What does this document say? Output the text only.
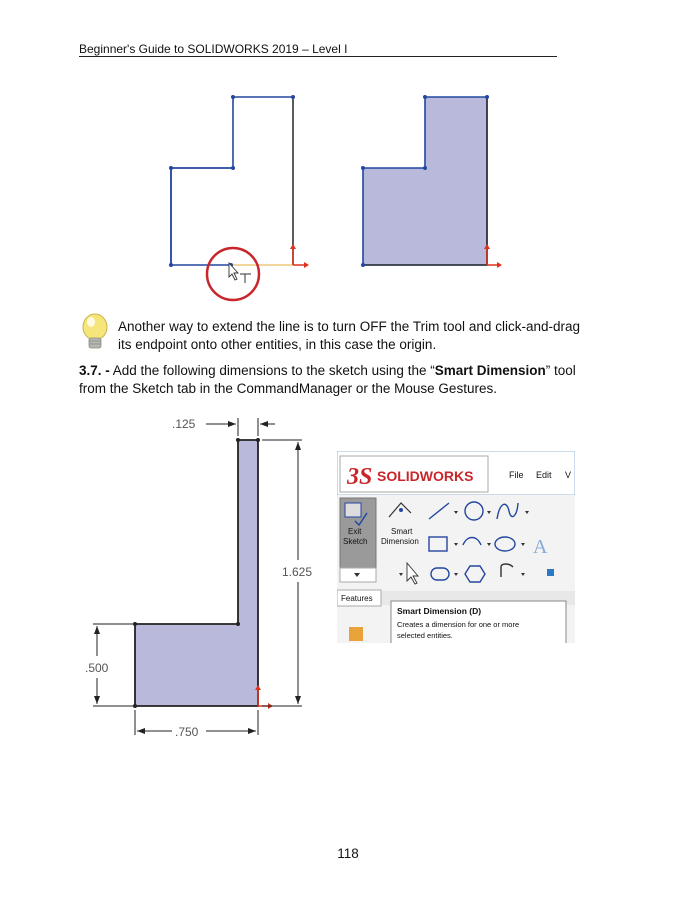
Beginner's Guide to SOLIDWORKS 2019 – Level I
.125
1.625
.500
.750
Another way to extend the line is to turn OFF the Trim tool and click-and-drag its endpoint onto other entities, in this case the origin.
3.7. - Add the following dimensions to the sketch using the “Smart Dimension” tool from the Sketch tab in the CommandManager or the Mouse Gestures.
3S SOLIDWORKS	File Edit V
Exit
Sketch
Smart
Dimension	A
Features
Smart Dimension (D)
Creates a dimension for one or more
selected entities.
118
